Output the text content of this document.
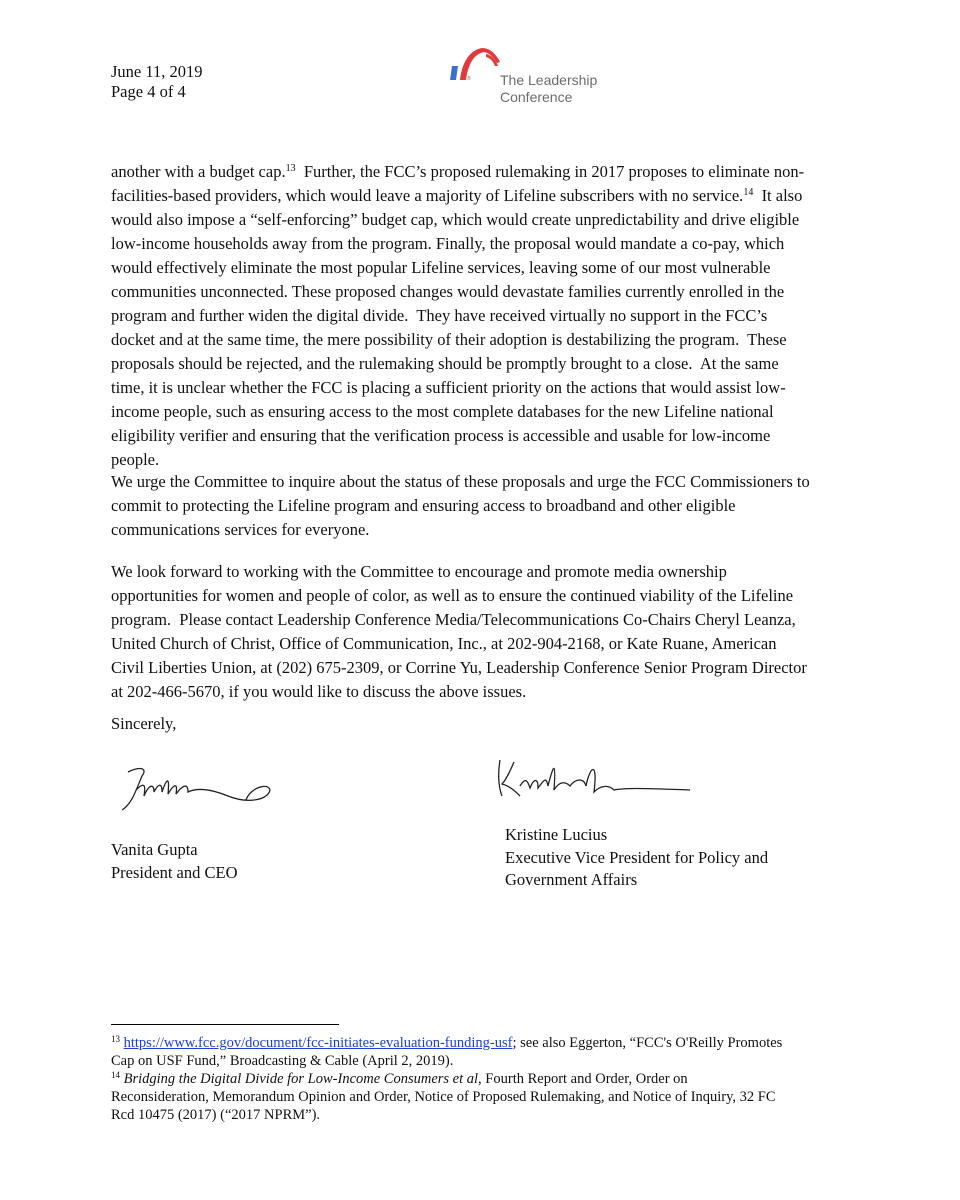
June 11, 2019
Page 4 of 4
® The Leadership
Conference
another with a budget cap.$^{13}$  Further, the FCC’s proposed rulemaking in 2017 proposes to eliminate non-
facilities-based providers, which would leave a majority of Lifeline subscribers with no service.$^{14}$  It also
would also impose a “self-enforcing” budget cap, which would create unpredictability and drive eligible
low-income households away from the program. Finally, the proposal would mandate a co-pay, which
would effectively eliminate the most popular Lifeline services, leaving some of our most vulnerable
communities unconnected. These proposed changes would devastate families currently enrolled in the
program and further widen the digital divide.  They have received virtually no support in the FCC’s
docket and at the same time, the mere possibility of their adoption is destabilizing the program.  These
proposals should be rejected, and the rulemaking should be promptly brought to a close.  At the same
time, it is unclear whether the FCC is placing a sufficient priority on the actions that would assist low-
income people, such as ensuring access to the most complete databases for the new Lifeline national
eligibility verifier and ensuring that the verification process is accessible and usable for low-income
people.
We urge the Committee to inquire about the status of these proposals and urge the FCC Commissioners to
commit to protecting the Lifeline program and ensuring access to broadband and other eligible
communications services for everyone.
We look forward to working with the Committee to encourage and promote media ownership
opportunities for women and people of color, as well as to ensure the continued viability of the Lifeline
program.  Please contact Leadership Conference Media/Telecommunications Co-Chairs Cheryl Leanza,
United Church of Christ, Office of Communication, Inc., at 202-904-2168, or Kate Ruane, American
Civil Liberties Union, at (202) 675-2309, or Corrine Yu, Leadership Conference Senior Program Director
at 202-466-5670, if you would like to discuss the above issues.
Sincerely,
Vanita Gupta
President and CEO
Kristine Lucius
Executive Vice President for Policy and
Government Affairs
$^{13}$ https://www.fcc.gov/document/fcc-initiates-evaluation-funding-usf; see also Eggerton, “FCC's O'Reilly Promotes
Cap on USF Fund,” Broadcasting & Cable (April 2, 2019).
$^{14}$ Bridging the Digital Divide for Low-Income Consumers et al, Fourth Report and Order, Order on
Reconsideration, Memorandum Opinion and Order, Notice of Proposed Rulemaking, and Notice of Inquiry, 32 FC
Rcd 10475 (2017) (“2017 NPRM”).
